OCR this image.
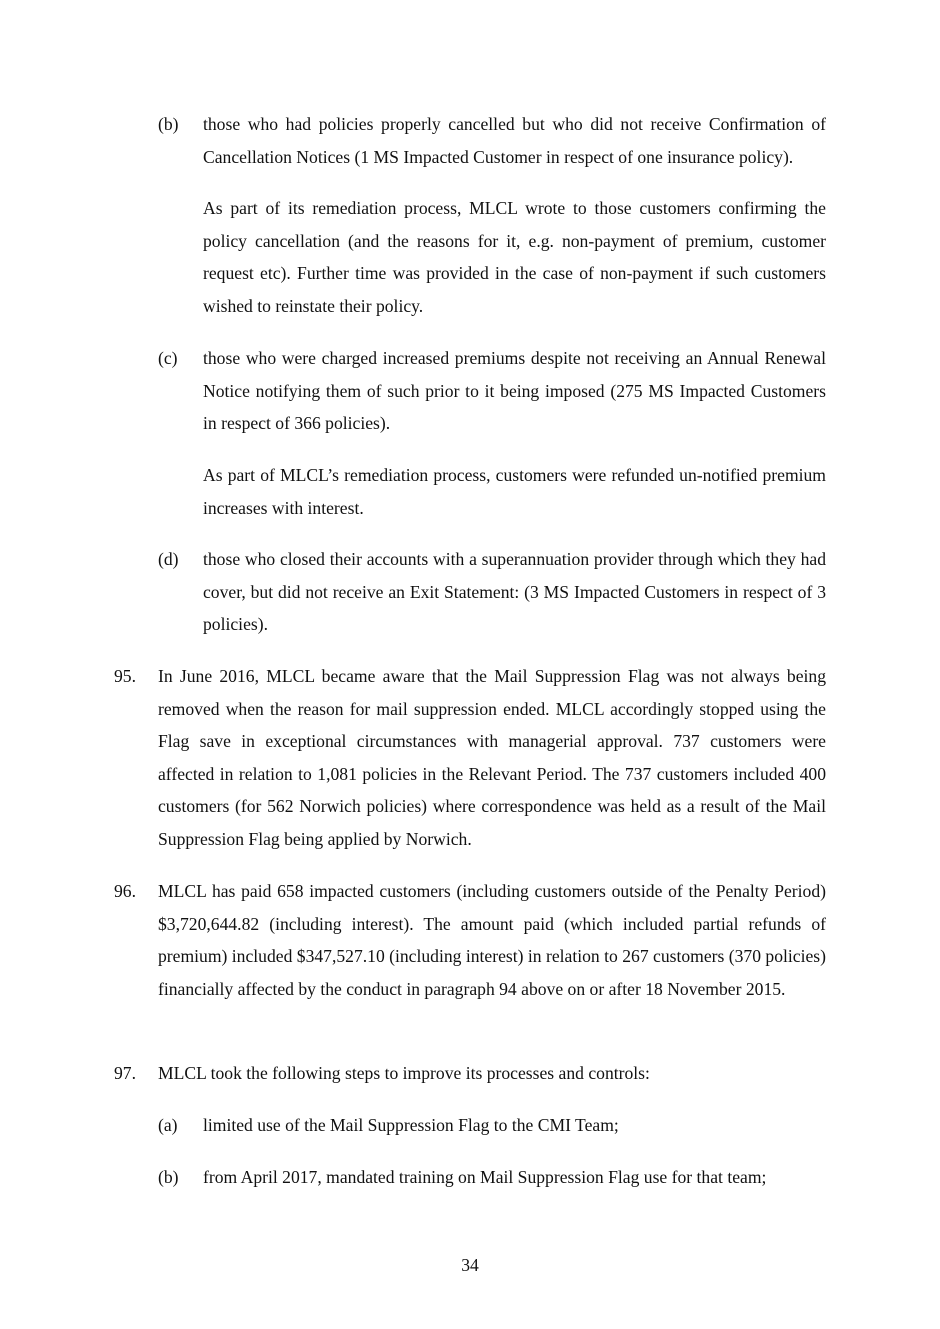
(b) those who had policies properly cancelled but who did not receive Confirmation of Cancellation Notices (1 MS Impacted Customer in respect of one insurance policy).

As part of its remediation process, MLCL wrote to those customers confirming the policy cancellation (and the reasons for it, e.g. non-payment of premium, customer request etc). Further time was provided in the case of non-payment if such customers wished to reinstate their policy.

(c) those who were charged increased premiums despite not receiving an Annual Renewal Notice notifying them of such prior to it being imposed (275 MS Impacted Customers in respect of 366 policies).

As part of MLCL’s remediation process, customers were refunded un-notified premium increases with interest.

(d) those who closed their accounts with a superannuation provider through which they had cover, but did not receive an Exit Statement: (3 MS Impacted Customers in respect of 3 policies).

95. In June 2016, MLCL became aware that the Mail Suppression Flag was not always being removed when the reason for mail suppression ended. MLCL accordingly stopped using the Flag save in exceptional circumstances with managerial approval. 737 customers were affected in relation to 1,081 policies in the Relevant Period. The 737 customers included 400 customers (for 562 Norwich policies) where correspondence was held as a result of the Mail Suppression Flag being applied by Norwich.

96. MLCL has paid 658 impacted customers (including customers outside of the Penalty Period) $3,720,644.82 (including interest). The amount paid (which included partial refunds of premium) included $347,527.10 (including interest) in relation to 267 customers (370 policies) financially affected by the conduct in paragraph 94 above on or after 18 November 2015.

97. MLCL took the following steps to improve its processes and controls:

(a) limited use of the Mail Suppression Flag to the CMI Team;

(b) from April 2017, mandated training on Mail Suppression Flag use for that team;

34
